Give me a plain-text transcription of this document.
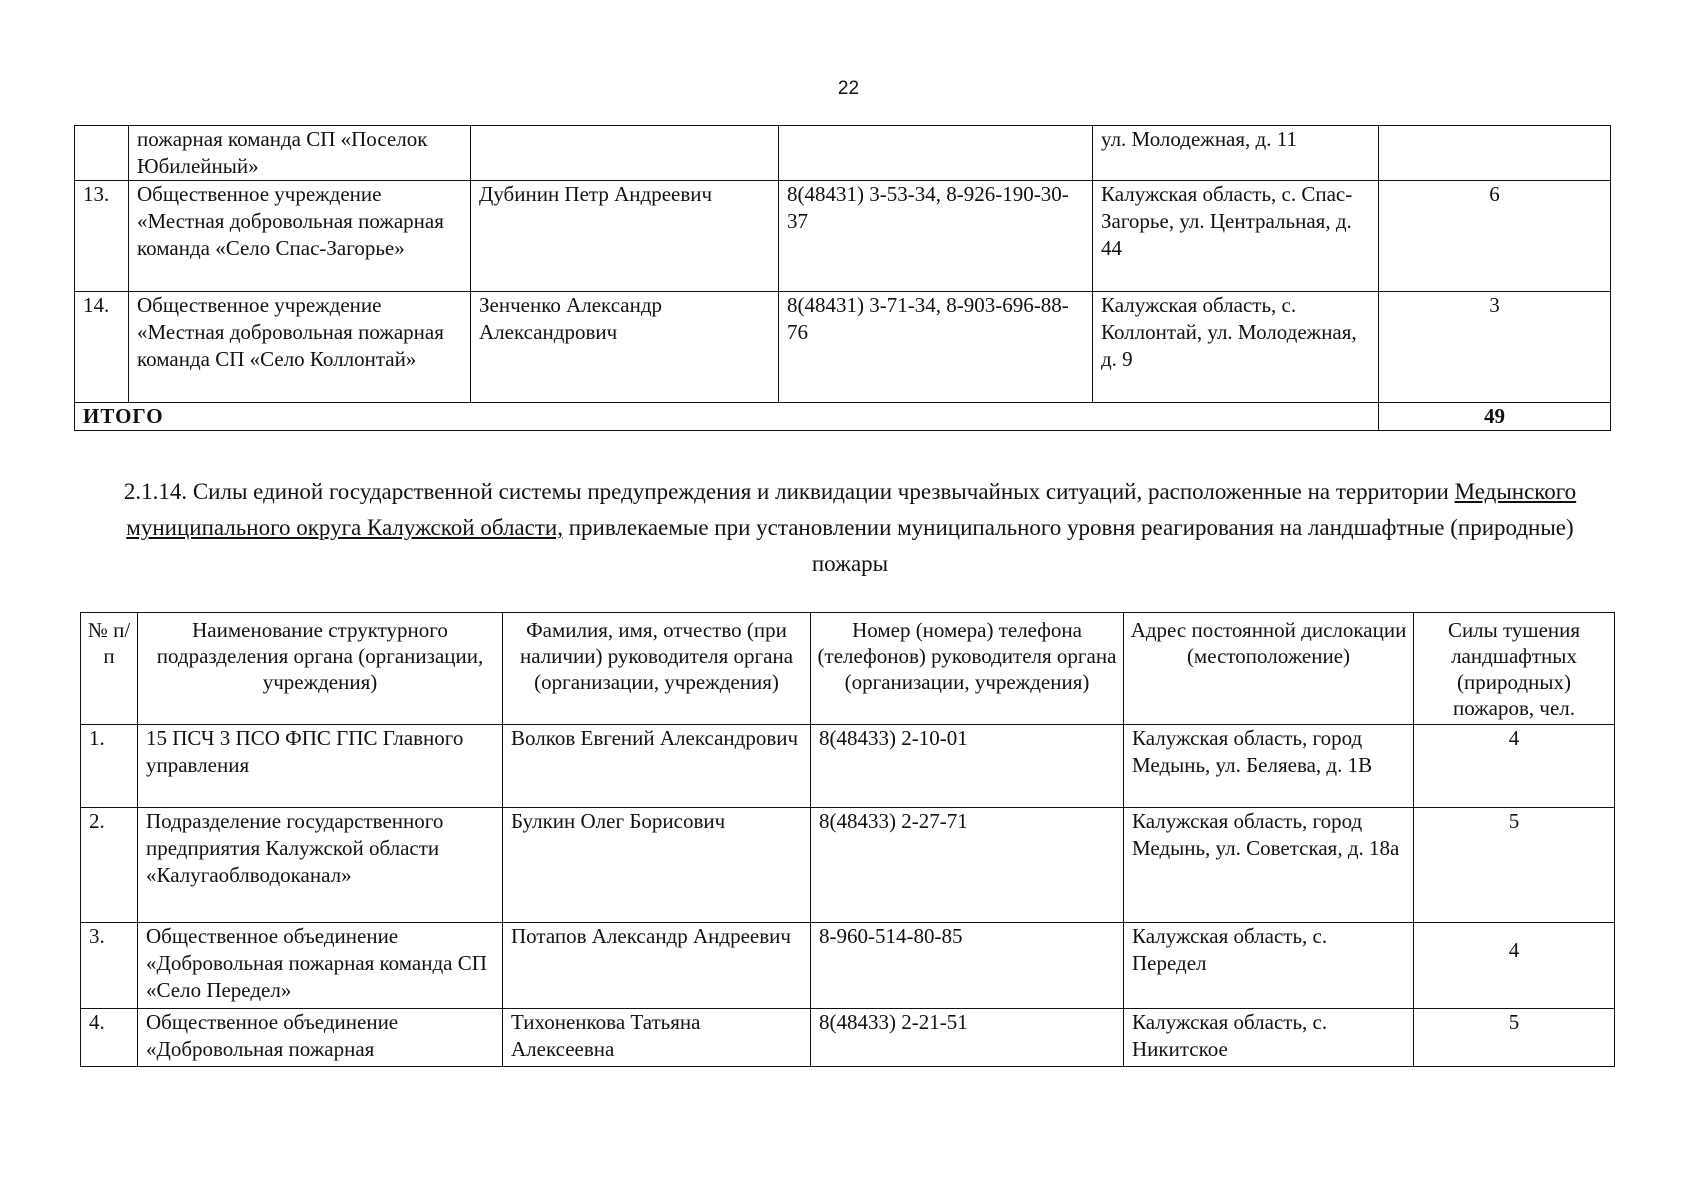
22
	пожарная команда СП «Поселок Юбилейный»			ул. Молодежная, д. 11	
13.	Общественное учреждение «Местная добровольная пожарная команда «Село Спас-Загорье»	Дубинин Петр Андреевич	8(48431) 3-53-34, 8-926-190-30-37	Калужская область, с. Спас-Загорье, ул. Центральная, д. 44	6
14.	Общественное учреждение «Местная добровольная пожарная команда СП «Село Коллонтай»	Зенченко Александр Александрович	8(48431) 3-71-34, 8-903-696-88-76	Калужская область, с. Коллонтай, ул. Молодежная, д. 9	3
ИТОГО					49
2.1.14. Силы единой государственной системы предупреждения и ликвидации чрезвычайных ситуаций, расположенные на территории Медынского муниципального округа Калужской области, привлекаемые при установлении муниципального уровня реагирования на ландшафтные (природные) пожары
№ п/п	Наименование структурного подразделения органа (организации, учреждения)	Фамилия, имя, отчество (при наличии) руководителя органа (организации, учреждения)	Номер (номера) телефона (телефонов) руководителя органа (организации, учреждения)	Адрес постоянной дислокации (местоположение)	Силы тушения ландшафтных (природных) пожаров, чел.
1.	15 ПСЧ 3 ПСО ФПС ГПС Главного управления	Волков Евгений Александрович	8(48433) 2-10-01	Калужская область, город Медынь, ул. Беляева, д. 1В	4
2.	Подразделение государственного предприятия Калужской области «Калугаоблводоканал»	Булкин Олег Борисович	8(48433) 2-27-71	Калужская область, город Медынь, ул. Советская, д. 18а	5
3.	Общественное объединение «Добровольная пожарная команда СП «Село Передел»	Потапов Александр Андреевич	8-960-514-80-85	Калужская область, с. Передел	4
4.	Общественное объединение «Добровольная пожарная	Тихоненкова Татьяна Алексеевна	8(48433) 2-21-51	Калужская область, с. Никитское	5
